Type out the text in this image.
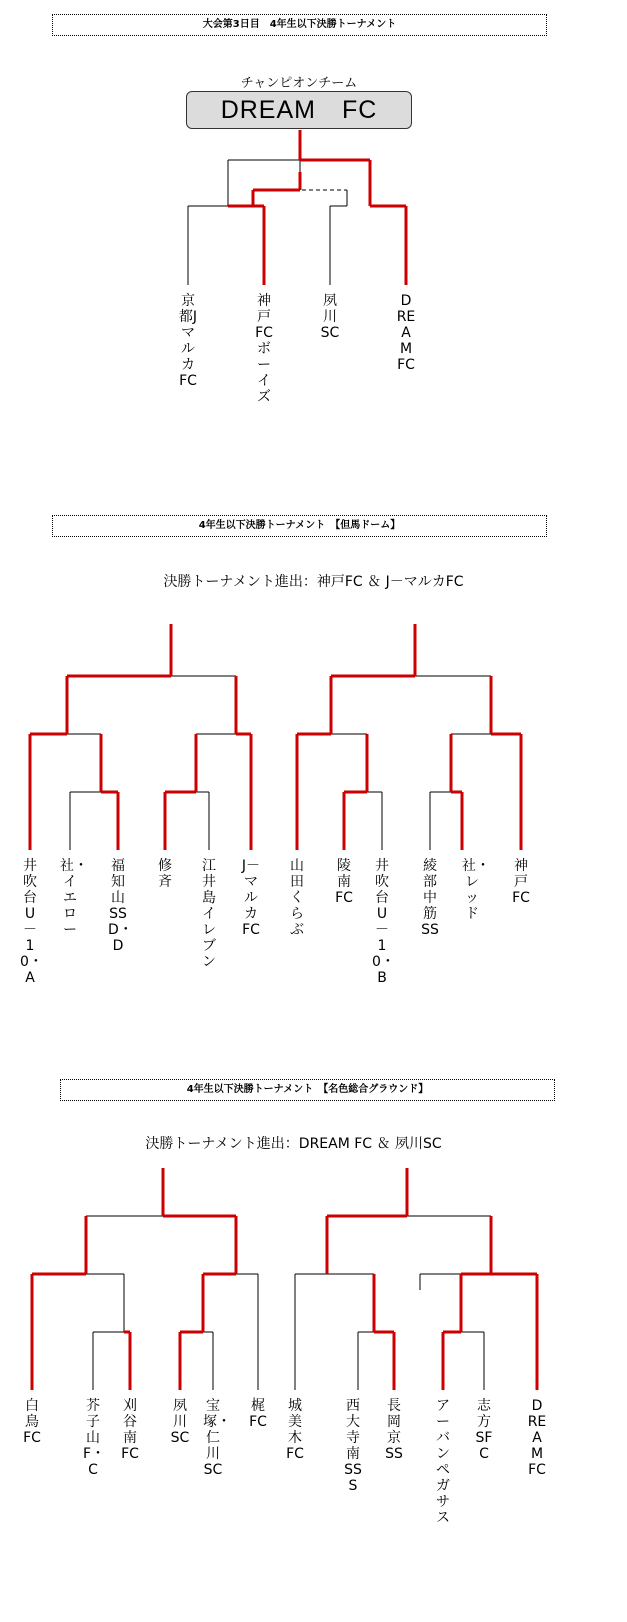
大会第3日目　4年生以下決勝トーナメント
4年生以下決勝トーナメント　【但馬ドーム】
4年生以下決勝トーナメント　【名色総合グラウンド】
チャンピオンチーム
DREAM　FC
決勝トーナメント進出：神戸FC ＆ J－マルカFC
決勝トーナメント進出：DREAM FC ＆ 夙川SC
0	3
2	1
0	3	0	2
0	1
6	1	1	3
0	5 2	0
1	3
6	0 0	3
6	0 1	5
1	2
1	0	2	0
0	4 1	0
0	3
0	1 0	4
0	4 0	1
京都Jマルカ FC
神戸FCボーイズ
夙川SC
DREAMFC
井吹台U－10・A
社・イエロー
福知山SSD・D
修斉
江井島イレブン
J－マルカFC
山田くらぶ
陵南FC
井吹台U－10・B
綾部中筋SS
社・レッド
神戸FC
白鳥FC
芥子山F・C
刈谷南FC
夙川SC
宝塚・仁川SC
梶FC
城美木FC
西大寺南SSS
長岡京SS
アーバンペガサス
志方SFC
DREAMFC
